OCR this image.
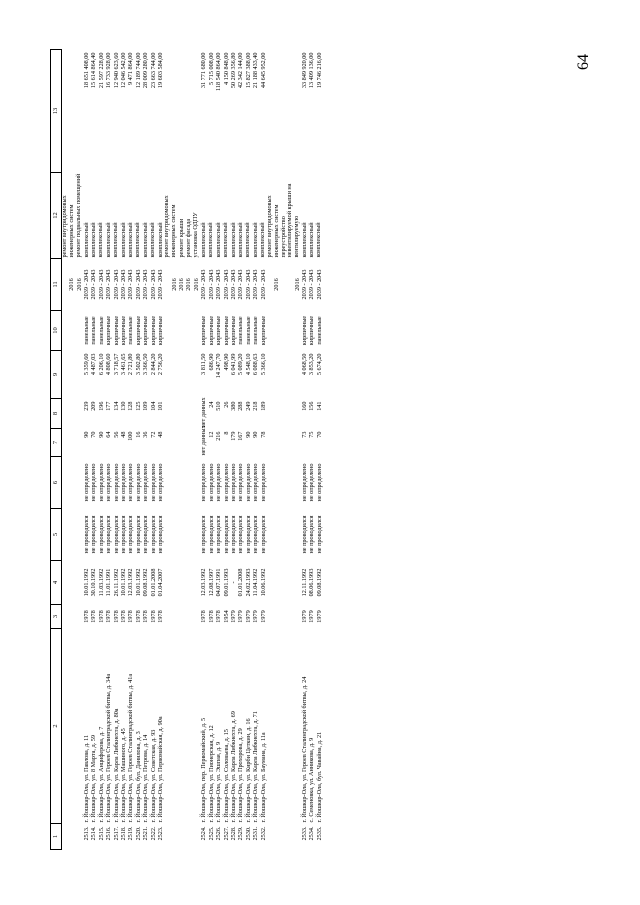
64
1	2	3	4	5	6	7	8	9	10	11	12	13
										2016	ремонт внутридомовых инженерных систем	
										2016	ремонт подвальных помещений	
2513.	г. Йошкар-Ола, ул. Павлова, д. 11	1978	10.01.1992	не проводился	не определено	90	239	5 359,60	панельные	2039 - 2043	комплексный	18 651 408,00
2514.	г. Йошкар-Ола, ул. 8 Марта, д. 59	1978	30.10.1992	не проводился	не определено	70	209	4 487,03	панельные	2039 - 2043	комплексный	15 614 864,40
2515.	г. Йошкар-Ола, ул. Анциферова, д. 7	1978	11.03.1992	не проводился	не определено	90	196	6 206,10	панельные	2039 - 2043	комплексный	21 597 228,00
2516.	г. Йошкар-Ола, ул. Героев Сталинградской битвы, д. 34а	1978	11.01.1991	не проводился	не определено	64	177	4 808,60	кирпичные	2039 - 2043	комплексный	16 733 928,00
2517.	г. Йошкар-Ола, ул. Карла Либкнехта, д. 80а	1978	26.11.1992	не проводился	не определено	56	134	3 718,57	кирпичные	2039 - 2043	комплексный	12 940 623,60
2518.	г. Йошкар-Ола, ул. Машиного, д. 45	1978	10.01.1992	не проводился	не определено	48	130	3 461,65	кирпичные	2039 - 2043	комплексный	12 046 542,00
2519.	г. Йошкар-Ола, ул. Героев Сталинградской битвы, д. 41а	1978	12.03.1992	не проводился	не определено	100	128	2 721,80	панельные	2039 - 2043	комплексный	9 471 864,00
2520.	г. Йошкар-Ола, бул. Данилова, д. 3	1978	10.01.1992	не проводился	не определено	16	125	3 502,80	кирпичные	2039 - 2043	комплексный	12 189 744,00
2521.	г. Йошкар-Ола, ул. Петрова, д. 14	1978	09.08.1992	не проводился	не определено	36	109	3 366,50	кирпичные	2039 - 2043	комплексный	28 009 280,00
2522.	г. Йошкар-Ола, ул. Советская, д. 93	1978	01.01.2008	не проводился	не определено	72	104	2 844,20	кирпичные	2039 - 2043	комплексный	23 663 744,00
2523.	г. Йошкар-Ола, ул. Первомайская, д. 90а	1978	01.04.2007	не проводился	не определено	48	101	2 756,20	кирпичные	2039 - 2043	комплексный	19 603 584,00
										2016	ремонт внутридомовых инженерных систем	
										2016	ремонт крыши	
										2016	ремонт фасада	
										2016	установка ОДПУ	
2524.	г. Йошкар-Ола, пер. Первомайский, д. 5	1978	12.03.1992	не проводился	не определено	нет данных	нет данных	3 811,50	кирпичные	2039 - 2043	комплексный	31 771 680,00
2525.	г. Йошкар-Ола, ул. Пионерская, д. 12	1978	12.08.1997	не проводился	не определено	12	24	686,90	кирпичные	2039 - 2043	комплексный	5 715 008,00
2526.	г. Йошкар-Ола, ул. Эшпая, д. 9	1978	04.07.1991	не проводился	не определено	216	510	14 247,70	кирпичные	2039 - 2043	комплексный	118 540 864,00
2527.	г. Йошкар-Ола, ул. Соловьева, д. 15	1954	09.01.1993	не проводился	не определено	8	26	498,90	кирпичные	2039 - 2043	комплексный	4 150 848,00
2528.	г. Йошкар-Ола, ул. Карла Либкнехта, д. 69	1979	-	не проводился	не определено	179	380	6 041,99	кирпичные	2039 - 2043	комплексный	50 269 356,80
2529.	г. Йошкар-Ола, ул. Прохорова, д. 29	1979	01.01.2008	не проводился	не определено	167	288	5 089,20	панельные	2039 - 2043	комплексный	42 342 144,00
2530.	г. Йошкар-Ола, ул. Кирби Цеткин, д. 16	1979	24.02.1993	не проводился	не определено	90	249	4 548,10	панельные	2039 - 2043	комплексный	15 827 388,00
2531.	г. Йошкар-Ола, ул. Карла Либкнехта, д. 71	1979	11.04.1992	не проводился	не определено	90	218	6 088,63	панельные	2039 - 2043	комплексный	21 188 433,40
2532.	г. Йошкар-Ола, ул. Баумана, д. 11а	1979	10.06.1992	не проводился	не определено	78	189	5 366,10	кирпичные	2039 - 2043	комплексный	44 645 952,00
										2016	ремонт внутридомовых инженерных систем	
										2016	переустройство невентилируемой крыши на вентилируемую	
2533.	г. Йошкар-Ола, ул. Героев Сталинградской битвы, д. 24	1979	12.11.1992	не проводился	не определено	73	160	4 068,50	кирпичные	2039 - 2043	комплексный	33 849 920,00
2534.	с. Семеновка, ул. Анникова, д. 9	1979	08.06.1993	не проводился	не определено	75	156	3 853,20	кирпичные	2039 - 2043	комплексный	13 409 136,00
2535.	г. Йошкар-Ола, бул. Чавайна, д. 21	1979	09.08.1992	не проводился	не определено	70	141	5 674,20	панельные	2039 - 2043	комплексный	19 746 216,00
